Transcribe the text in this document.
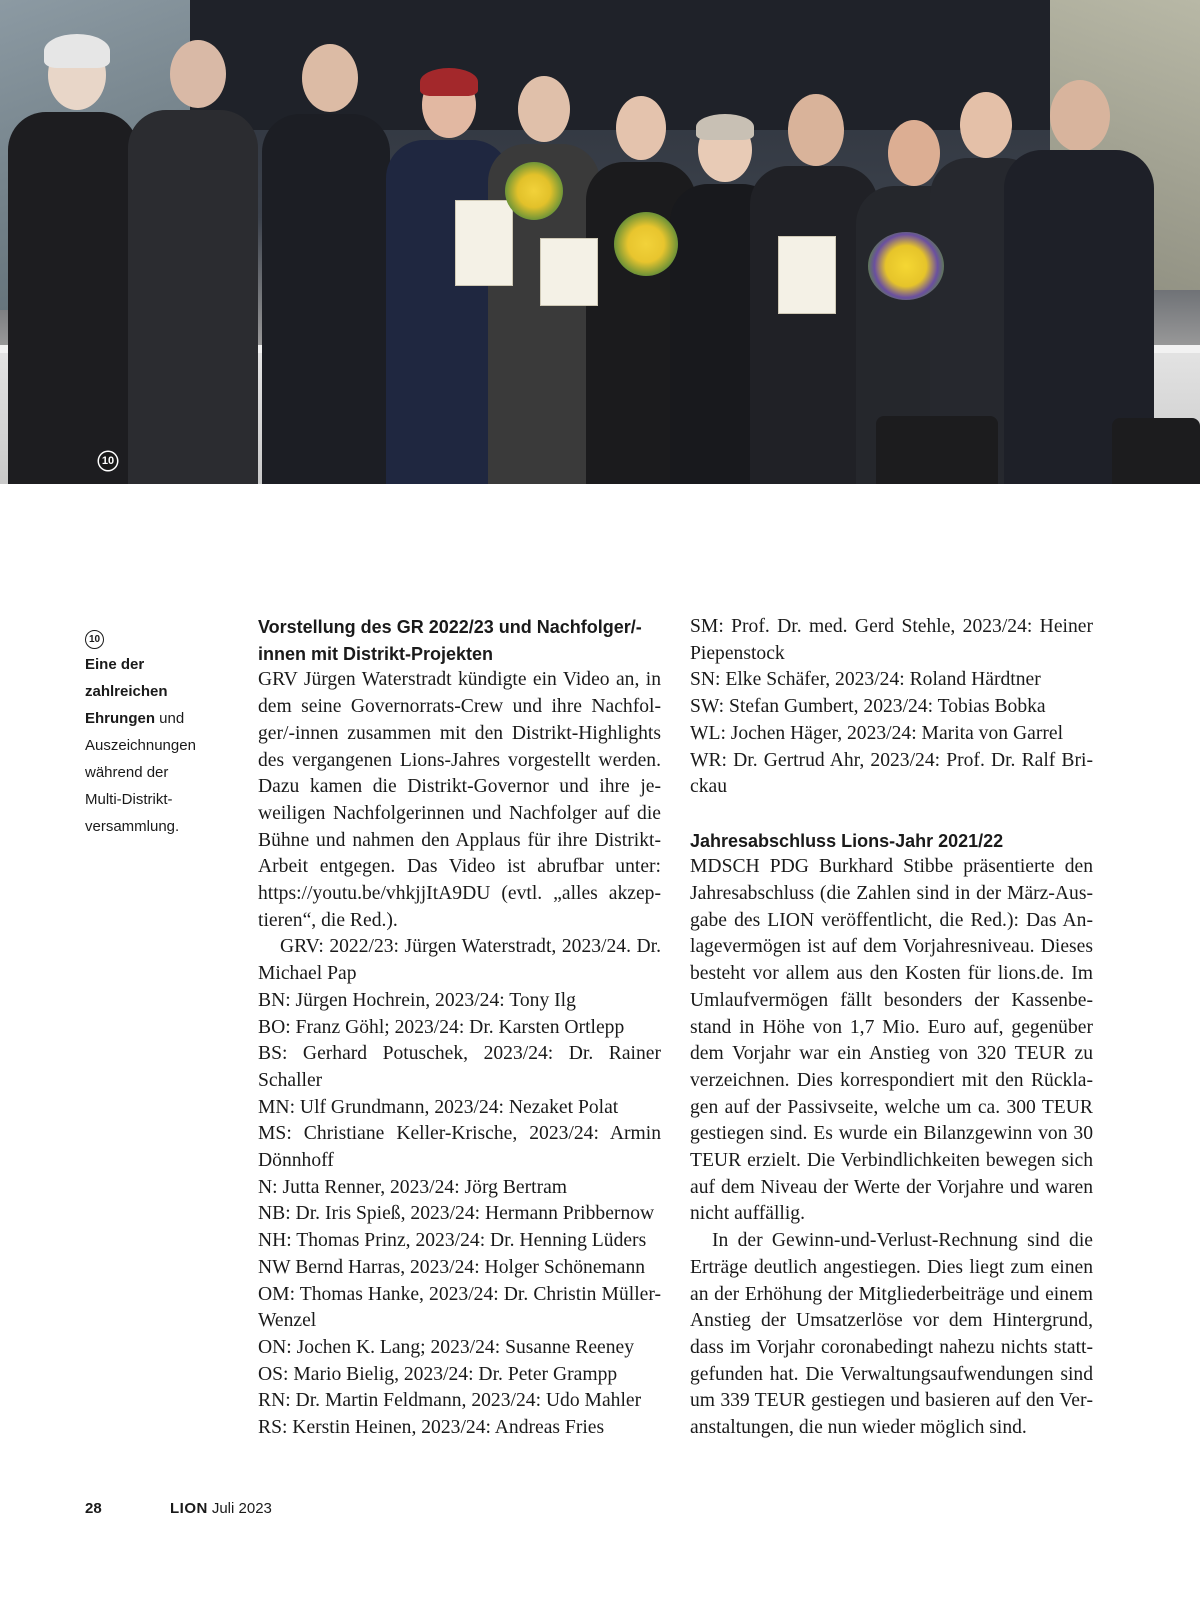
10
10
Eine der
zahlreichen
Ehrungen und
Auszeichnungen
während der
Multi-Distrikt-
versammlung.
Vorstellung des GR 2022/23 und Nachfolger/-innen mit Distrikt-Projekten
GRV Jürgen Waterstradt kündigte ein Video an, in dem seine Governorrats-Crew und ihre Nachfolger/-innen zusammen mit den Distrikt-Highlights des vergangenen Lions-Jahres vorgestellt werden. Dazu kamen die Distrikt-Governor und ihre jeweiligen Nachfolgerinnen und Nachfolger auf die Bühne und nahmen den Applaus für ihre Distrikt-Arbeit entgegen. Das Video ist abrufbar unter: https://youtu.be/vhkjjItA9DU (evtl. „alles akzeptieren“, die Red.).
GRV: 2022/23: Jürgen Waterstradt, 2023/24. Dr. Michael Pap
BN: Jürgen Hochrein, 2023/24: Tony Ilg
BO: Franz Göhl; 2023/24: Dr. Karsten Ortlepp
BS: Gerhard Potuschek, 2023/24: Dr. Rainer Schaller
MN: Ulf Grundmann, 2023/24: Nezaket Polat
MS: Christiane Keller-Krische, 2023/24: Armin Dönnhoff
N: Jutta Renner, 2023/24: Jörg Bertram
NB: Dr. Iris Spieß, 2023/24: Hermann Pribbernow
NH: Thomas Prinz, 2023/24: Dr. Henning Lüders
NW Bernd Harras, 2023/24: Holger Schönemann
OM: Thomas Hanke, 2023/24: Dr. Christin Müller-Wenzel
ON: Jochen K. Lang; 2023/24: Susanne Reeney
OS: Mario Bielig, 2023/24: Dr. Peter Grampp
RN: Dr. Martin Feldmann, 2023/24: Udo Mahler
RS: Kerstin Heinen, 2023/24: Andreas Fries
SM: Prof. Dr. med. Gerd Stehle, 2023/24: Heiner Piepenstock
SN: Elke Schäfer, 2023/24: Roland Härdtner
SW: Stefan Gumbert, 2023/24: Tobias Bobka
WL: Jochen Häger, 2023/24: Marita von Garrel
WR: Dr. Gertrud Ahr, 2023/24: Prof. Dr. Ralf Brickau
Jahresabschluss Lions-Jahr 2021/22
MDSCH PDG Burkhard Stibbe präsentierte den Jahresabschluss (die Zahlen sind in der März-Ausgabe des LION veröffentlicht, die Red.): Das Anlagevermögen ist auf dem Vorjahresniveau. Dieses besteht vor allem aus den Kosten für lions.de. Im Umlaufvermögen fällt besonders der Kassenbestand in Höhe von 1,7 Mio. Euro auf, gegenüber dem Vorjahr war ein Anstieg von 320 TEUR zu verzeichnen. Dies korrespondiert mit den Rücklagen auf der Passivseite, welche um ca. 300 TEUR gestiegen sind. Es wurde ein Bilanzgewinn von 30 TEUR erzielt. Die Verbindlichkeiten bewegen sich auf dem Niveau der Werte der Vorjahre und waren nicht auffällig.
In der Gewinn-und-Verlust-Rechnung sind die Erträge deutlich angestiegen. Dies liegt zum einen an der Erhöhung der Mitgliederbeiträge und einem Anstieg der Umsatzerlöse vor dem Hintergrund, dass im Vorjahr coronabedingt nahezu nichts stattgefunden hat. Die Verwaltungsaufwendungen sind um 339 TEUR gestiegen und basieren auf den Veranstaltungen, die nun wieder möglich sind.
28	LION Juli 2023
